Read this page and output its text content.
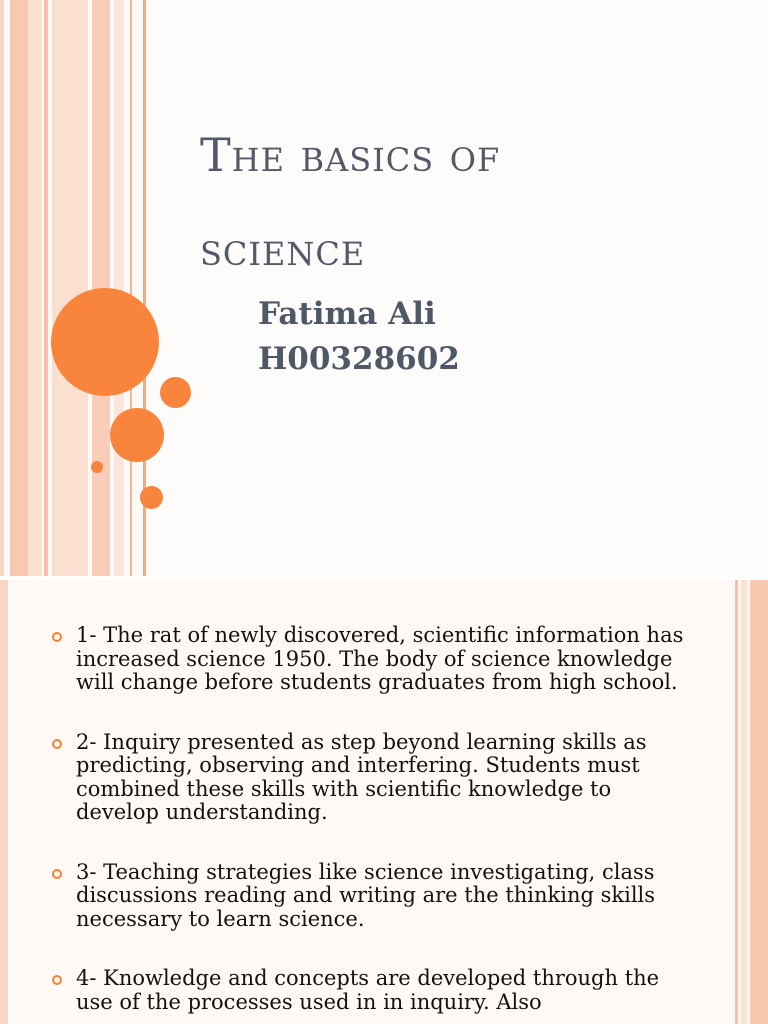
The basics of
science
Fatima Ali
H00328602
1- The rat of newly discovered, scientific information has increased science 1950. The body of science knowledge will change before students graduates from high school.
2- Inquiry presented as step beyond learning skills as predicting, observing and interfering. Students must combined these skills with scientific knowledge to develop understanding.
3- Teaching strategies like science investigating, class discussions reading and writing are the thinking skills necessary to learn science.
4- Knowledge and concepts are developed through the use of the processes used in in inquiry. Also
